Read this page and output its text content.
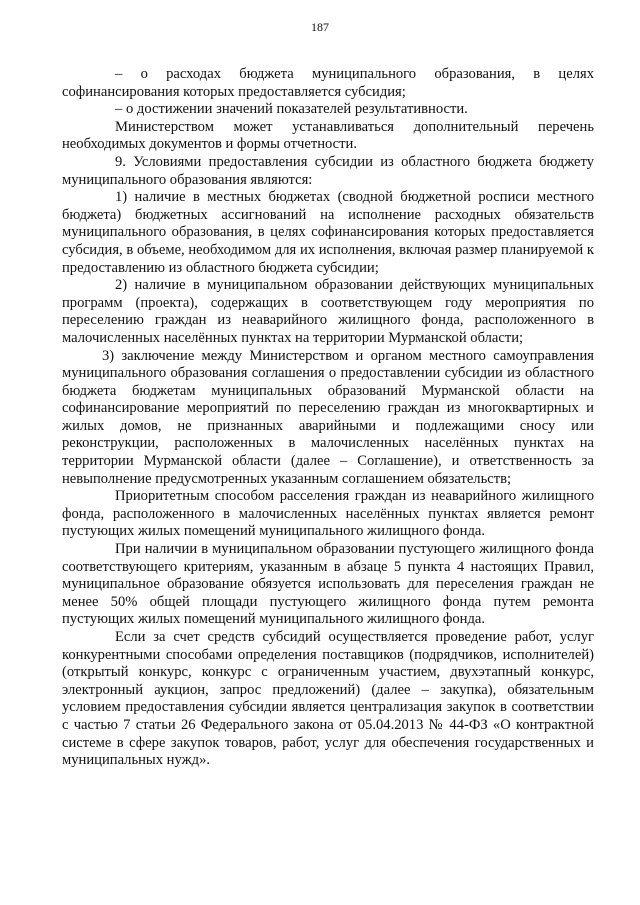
187

– о расходах бюджета муниципального образования, в целях софинансирования которых предоставляется субсидия;

– о достижении значений показателей результативности.

Министерством может устанавливаться дополнительный перечень необходимых документов и формы отчетности.

9. Условиями предоставления субсидии из областного бюджета бюджету муниципального образования являются:

1) наличие в местных бюджетах (сводной бюджетной росписи местного бюджета) бюджетных ассигнований на исполнение расходных обязательств муниципального образования, в целях софинансирования которых предоставляется субсидия, в объеме, необходимом для их исполнения, включая размер планируемой к предоставлению из областного бюджета субсидии;

2) наличие в муниципальном образовании действующих муниципальных программ (проекта), содержащих в соответствующем году мероприятия по переселению граждан из неаварийного жилищного фонда, расположенного в малочисленных населённых пунктах на территории Мурманской области;

3) заключение между Министерством и органом местного самоуправления муниципального образования соглашения о предоставлении субсидии из областного бюджета бюджетам муниципальных образований Мурманской области на софинансирование мероприятий по переселению граждан из многоквартирных и жилых домов, не признанных аварийными и подлежащими сносу или реконструкции, расположенных в малочисленных населённых пунктах на территории Мурманской области (далее – Соглашение), и ответственность за невыполнение предусмотренных указанным соглашением обязательств;

Приоритетным способом расселения граждан из неаварийного жилищного фонда, расположенного в малочисленных населённых пунктах является ремонт пустующих жилых помещений муниципального жилищного фонда.

При наличии в муниципальном образовании пустующего жилищного фонда соответствующего критериям, указанным в абзаце 5 пункта 4 настоящих Правил, муниципальное образование обязуется использовать для переселения граждан не менее 50% общей площади пустующего жилищного фонда путем ремонта пустующих жилых помещений муниципального жилищного фонда.

Если за счет средств субсидий осуществляется проведение работ, услуг конкурентными способами определения поставщиков (подрядчиков, исполнителей) (открытый конкурс, конкурс с ограниченным участием, двухэтапный конкурс, электронный аукцион, запрос предложений) (далее – закупка), обязательным условием предоставления субсидии является централизация закупок в соответствии с частью 7 статьи 26 Федерального закона от 05.04.2013 № 44-ФЗ «О контрактной системе в сфере закупок товаров, работ, услуг для обеспечения государственных и муниципальных нужд».
